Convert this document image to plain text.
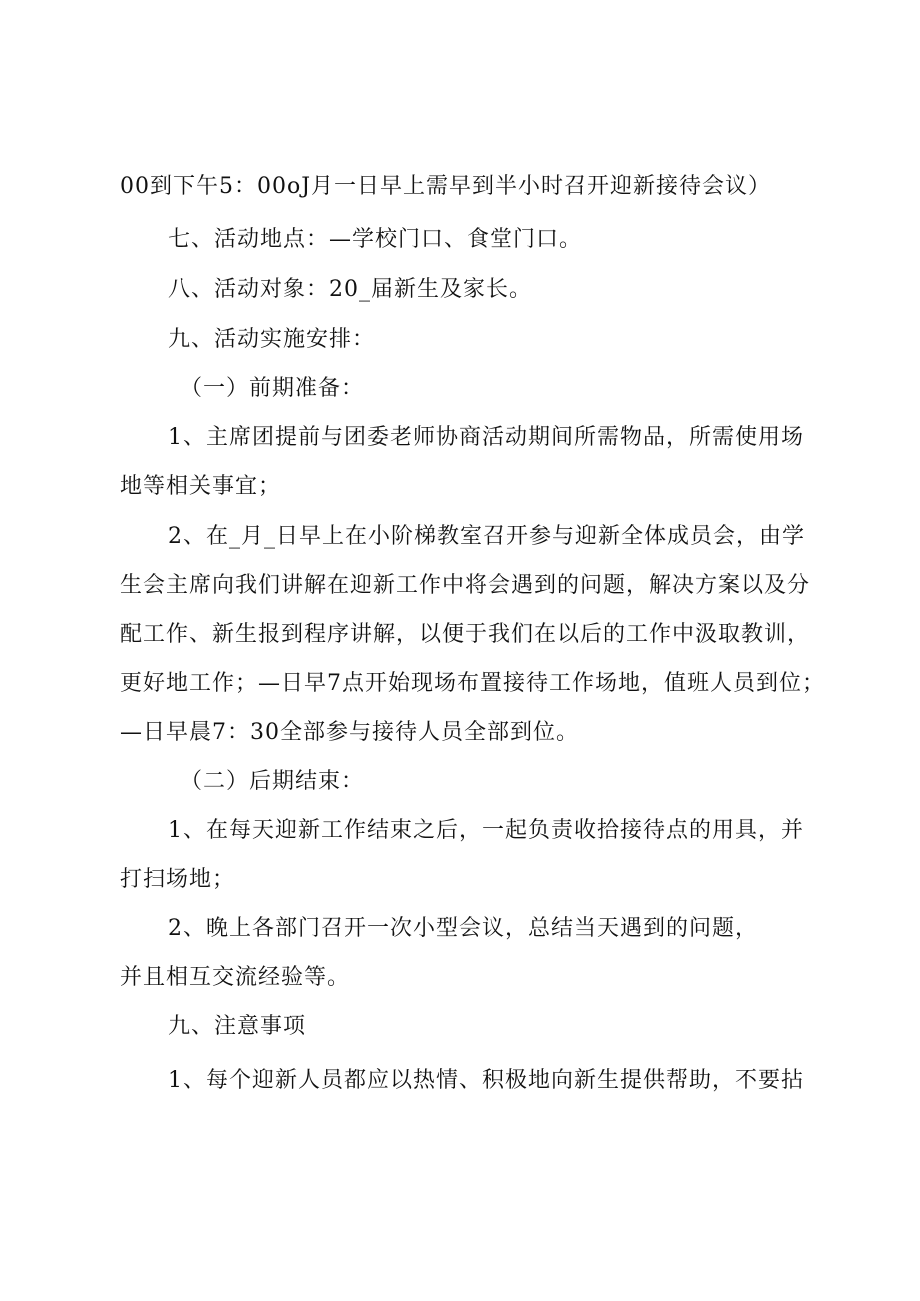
00到下午5：00oJ月一日早上需早到半小时召开迎新接待会议）
七、活动地点：—学校门口、食堂门口。
八、活动对象：20_届新生及家长。
九、活动实施安排：
（一）前期准备：
1、主席团提前与团委老师协商活动期间所需物品，所需使用场
地等相关事宜；
2、在_月_日早上在小阶梯教室召开参与迎新全体成员会，由学
生会主席向我们讲解在迎新工作中将会遇到的问题，解决方案以及分
配工作、新生报到程序讲解，以便于我们在以后的工作中汲取教训，
更好地工作；—日早7点开始现场布置接待工作场地，值班人员到位；
—日早晨7：30全部参与接待人员全部到位。
（二）后期结束：
1、在每天迎新工作结束之后，一起负责收拾接待点的用具，并
打扫场地；
2、晚上各部门召开一次小型会议，总结当天遇到的问题，
并且相互交流经验等。
九、注意事项
1、每个迎新人员都应以热情、积极地向新生提供帮助，不要拈
